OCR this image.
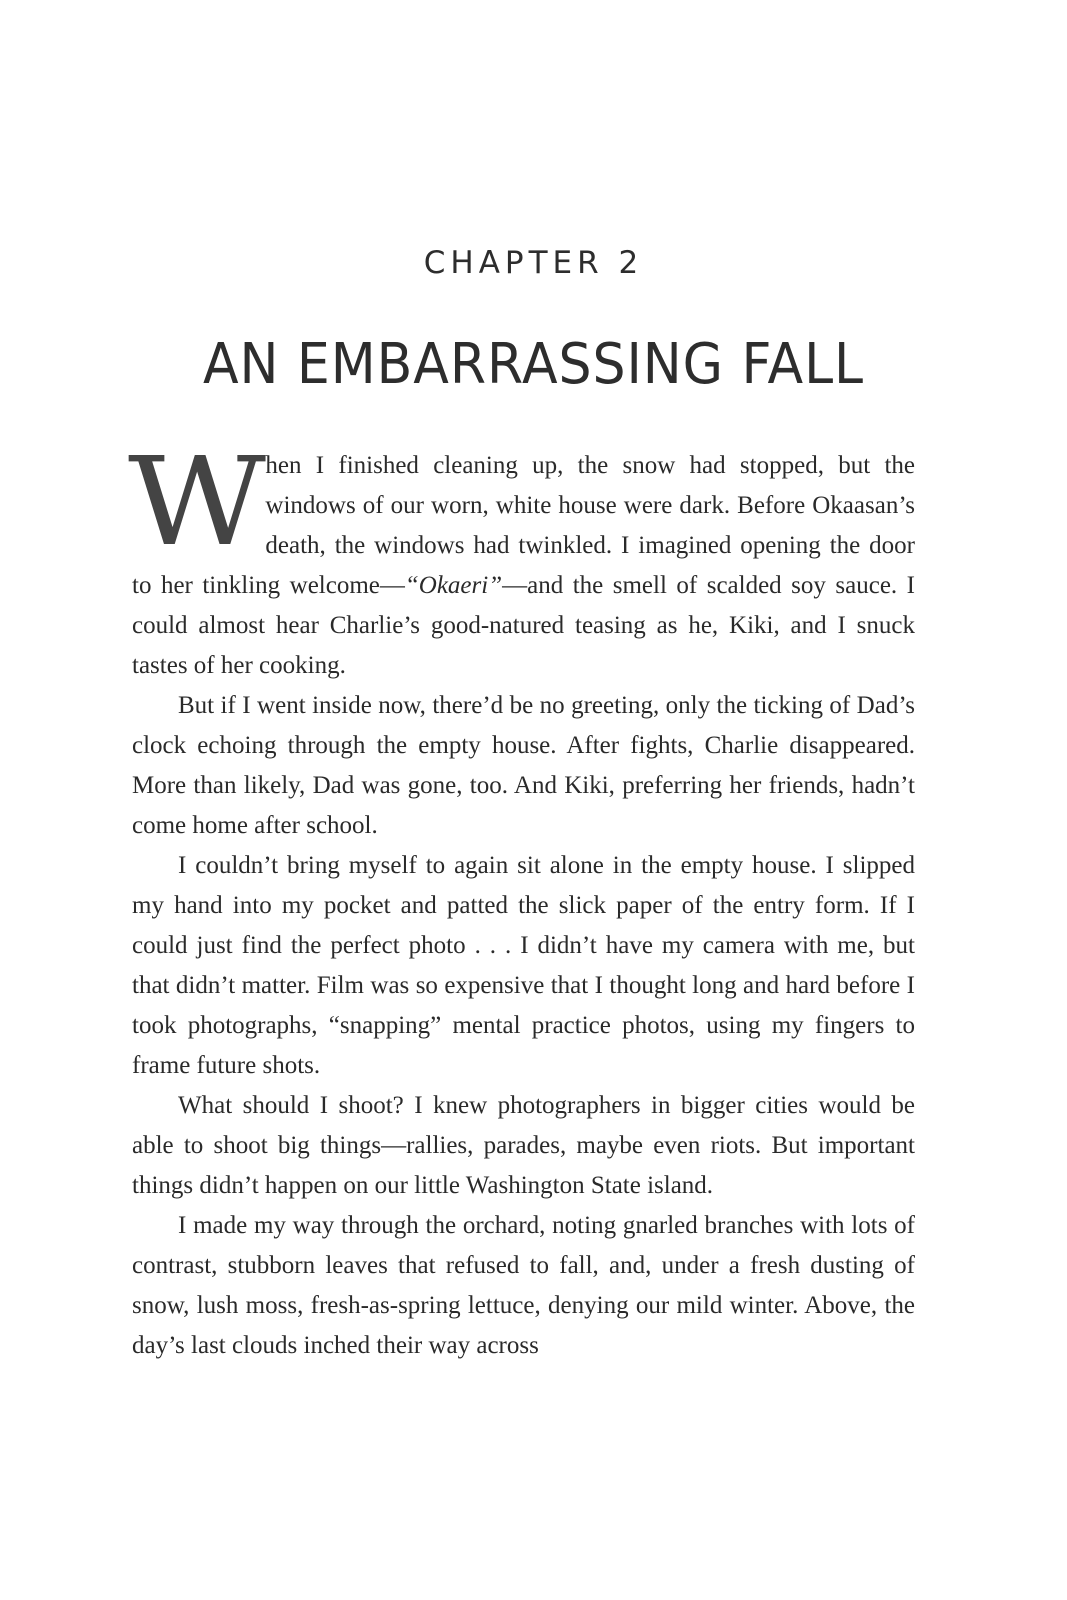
CHAPTER 2
AN EMBARRASSING FALL

When I finished cleaning up, the snow had stopped, but the windows of our worn, white house were dark. Before Okaasan’s death, the windows had twinkled. I imagined opening the door to her tinkling welcome—“Okaeri”—and the smell of scalded soy sauce. I could almost hear Charlie’s good-natured teasing as he, Kiki, and I snuck tastes of her cooking.

But if I went inside now, there’d be no greeting, only the ticking of Dad’s clock echoing through the empty house. After fights, Charlie disappeared. More than likely, Dad was gone, too. And Kiki, preferring her friends, hadn’t come home after school.

I couldn’t bring myself to again sit alone in the empty house. I slipped my hand into my pocket and patted the slick paper of the entry form. If I could just find the perfect photo . . . I didn’t have my camera with me, but that didn’t matter. Film was so expensive that I thought long and hard before I took photographs, “snapping” mental practice photos, using my fingers to frame future shots.

What should I shoot? I knew photographers in bigger cities would be able to shoot big things—rallies, parades, maybe even riots. But important things didn’t happen on our little Washington State island.

I made my way through the orchard, noting gnarled branches with lots of contrast, stubborn leaves that refused to fall, and, under a fresh dusting of snow, lush moss, fresh-as-spring lettuce, denying our mild winter. Above, the day’s last clouds inched their way across
